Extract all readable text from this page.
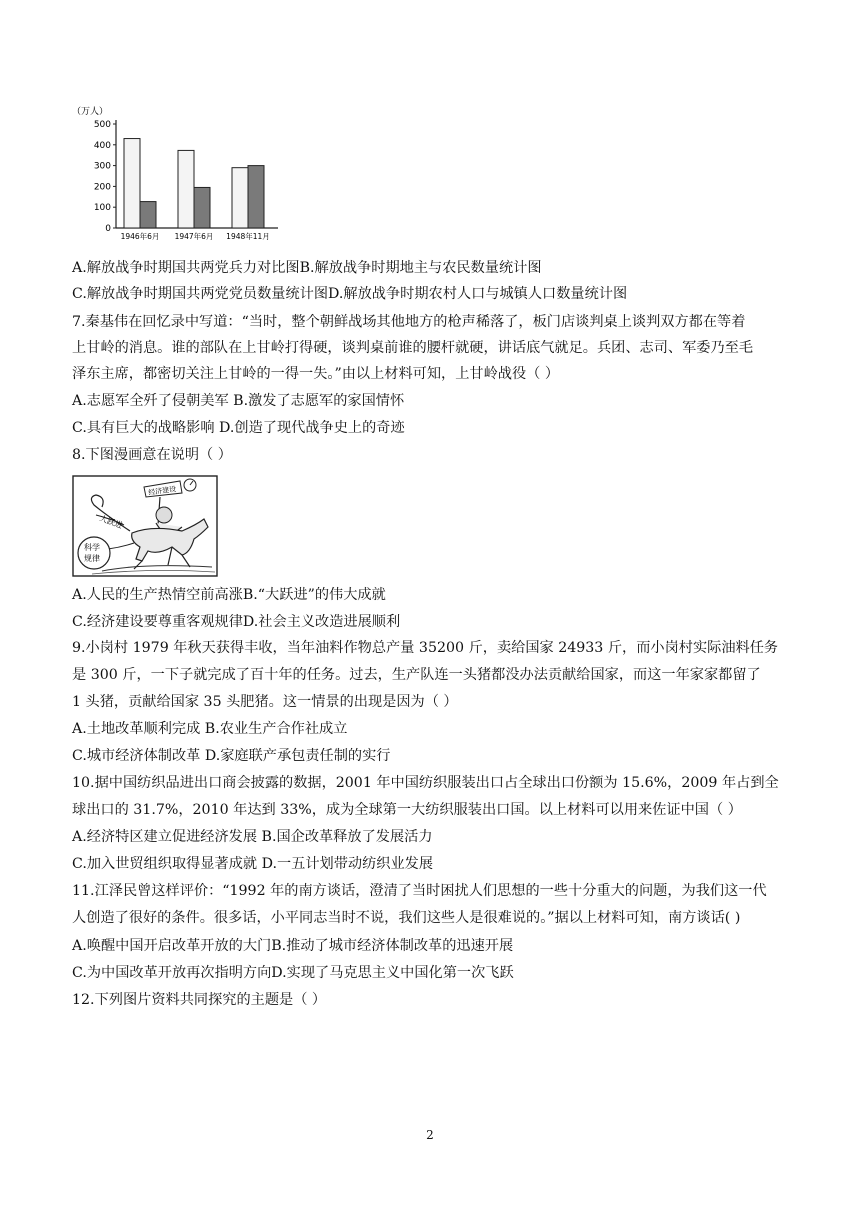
（万人）
0
100
200
300
400
500
1946年6月 1947年6月 1948年11月
A.解放战争时期国共两党兵力对比图B.解放战争时期地主与农民数量统计图
C.解放战争时期国共两党党员数量统计图D.解放战争时期农村人口与城镇人口数量统计图
7.秦基伟在回忆录中写道：“当时，整个朝鲜战场其他地方的枪声稀落了，板门店谈判桌上谈判双方都在等着
上甘岭的消息。谁的部队在上甘岭打得硬，谈判桌前谁的腰杆就硬，讲话底气就足。兵团、志司、军委乃至毛
泽东主席，都密切关注上甘岭的一得一失。”由以上材料可知，上甘岭战役（ ）
A.志愿军全歼了侵朝美军 B.激发了志愿军的家国情怀
C.具有巨大的战略影响 D.创造了现代战争史上的奇迹
8.下图漫画意在说明（ ）
A.人民的生产热情空前高涨B.“大跃进”的伟大成就
C.经济建设要尊重客观规律D.社会主义改造进展顺利
9.小岗村 1979 年秋天获得丰收，当年油料作物总产量 35200 斤，卖给国家 24933 斤，而小岗村实际油料任务
是 300 斤，一下子就完成了百十年的任务。过去，生产队连一头猪都没办法贡献给国家，而这一年家家都留了
1 头猪，贡献给国家 35 头肥猪。这一情景的出现是因为（ ）
A.土地改革顺利完成 B.农业生产合作社成立
C.城市经济体制改革 D.家庭联产承包责任制的实行
10.据中国纺织品进出口商会披露的数据，2001 年中国纺织服装出口占全球出口份额为 15.6%，2009 年占到全
球出口的 31.7%，2010 年达到 33%，成为全球第一大纺织服装出口国。以上材料可以用来佐证中国（ ）
A.经济特区建立促进经济发展 B.国企改革释放了发展活力
C.加入世贸组织取得显著成就 D.一五计划带动纺织业发展
11.江泽民曾这样评价：“1992 年的南方谈话，澄清了当时困扰人们思想的一些十分重大的问题，为我们这一代
人创造了很好的条件。很多话，小平同志当时不说，我们这些人是很难说的。”据以上材料可知，南方谈话( )
A.唤醒中国开启改革开放的大门B.推动了城市经济体制改革的迅速开展
C.为中国改革开放再次指明方向D.实现了马克思主义中国化第一次飞跃
12.下列图片资料共同探究的主题是（ ）
经济建设
大跃进
科学
规律
2
